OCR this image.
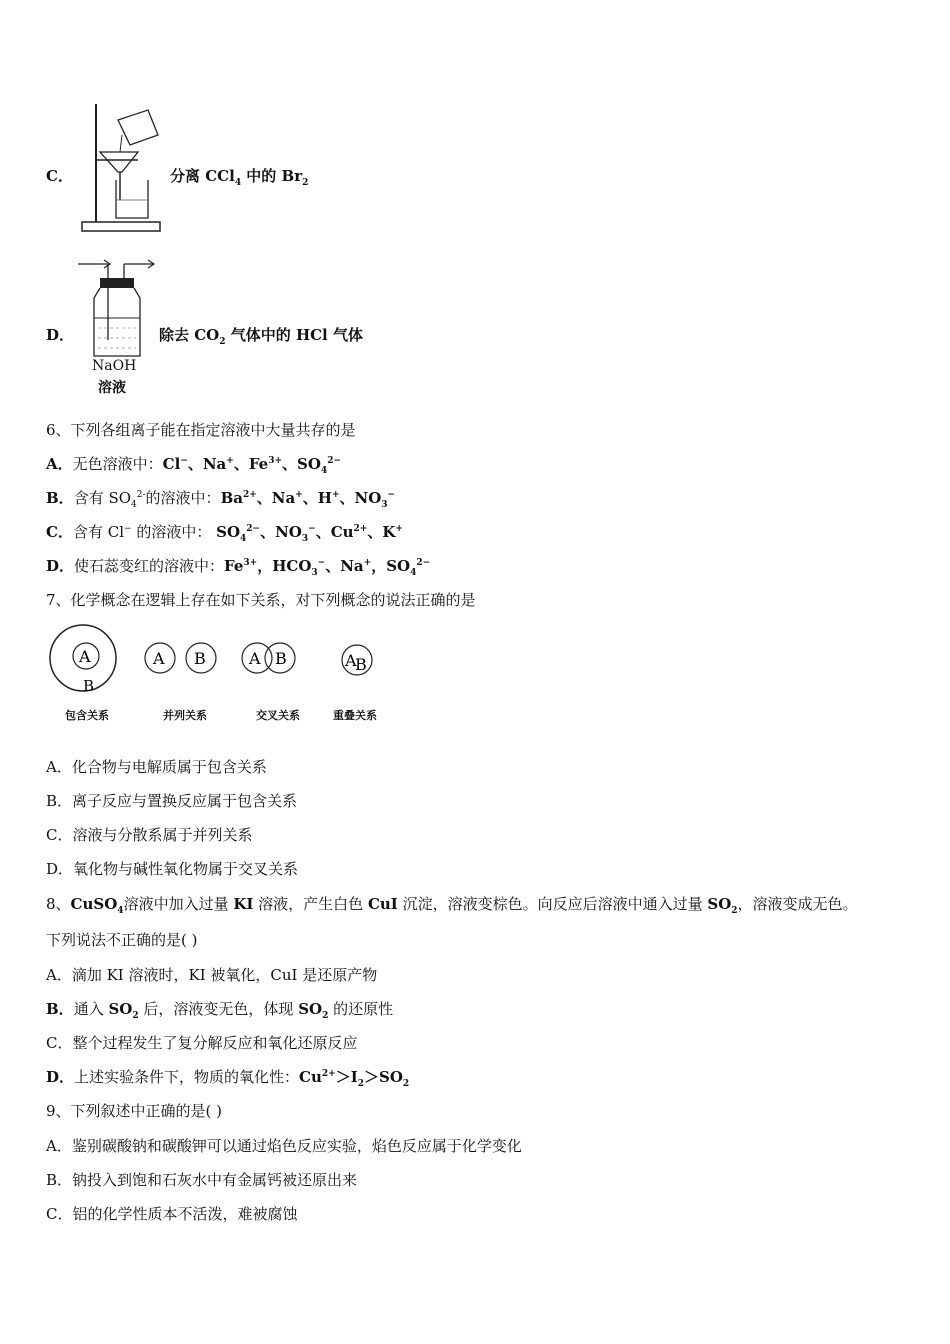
C．	分离 CCl$_4$ 中的 $Br_2$
D．
NaOH
溶液
除去 $CO_2$ 气体中的 HCl 气体
6、下列各组离子能在指定溶液中大量共存的是
A．无色溶液中：Cl−、Na+、$Fe^{3+}$、$SO_4^{2-}$
B．含有 $SO_4^{2-}$的溶液中：$Ba^{2+}$、Na+、H+、$NO_3^-$
C．含有 Cl− 的溶液中： $SO_4^{2-}$、$NO_3^-$、$Cu^{2+}$、K+
D．使石蕊变红的溶液中：$Fe^{3+}$，$HCO_3^-$、Na+，$SO_4^{2-}$
7、化学概念在逻辑上存在如下关系，对下列概念的说法正确的是
A
B
A B	A B	A
B
包含关系	并列关系	交叉关系	重叠关系
A．化合物与电解质属于包含关系
B．离子反应与置换反应属于包含关系
C．溶液与分散系属于并列关系
D．氧化物与碱性氧化物属于交叉关系
8、CuSO$_4$溶液中加入过量 KI 溶液，产生白色 CuI 沉淀，溶液变棕色。向反应后溶液中通入过量 $SO_2$，溶液变成无色。
下列说法不正确的是( )
A．滴加 KI 溶液时，KI 被氧化，CuI 是还原产物
B．通入 $SO_2$ 后，溶液变无色，体现 $SO_2$ 的还原性
C．整个过程发生了复分解反应和氧化还原反应
D．上述实验条件下，物质的氧化性：$Cu^{2+}>I_2>SO_2$
9、下列叙述中正确的是( )
A．鉴别碳酸钠和碳酸钾可以通过焰色反应实验，焰色反应属于化学变化
B．钠投入到饱和石灰水中有金属钙被还原出来
C．铝的化学性质本不活泼，难被腐蚀
